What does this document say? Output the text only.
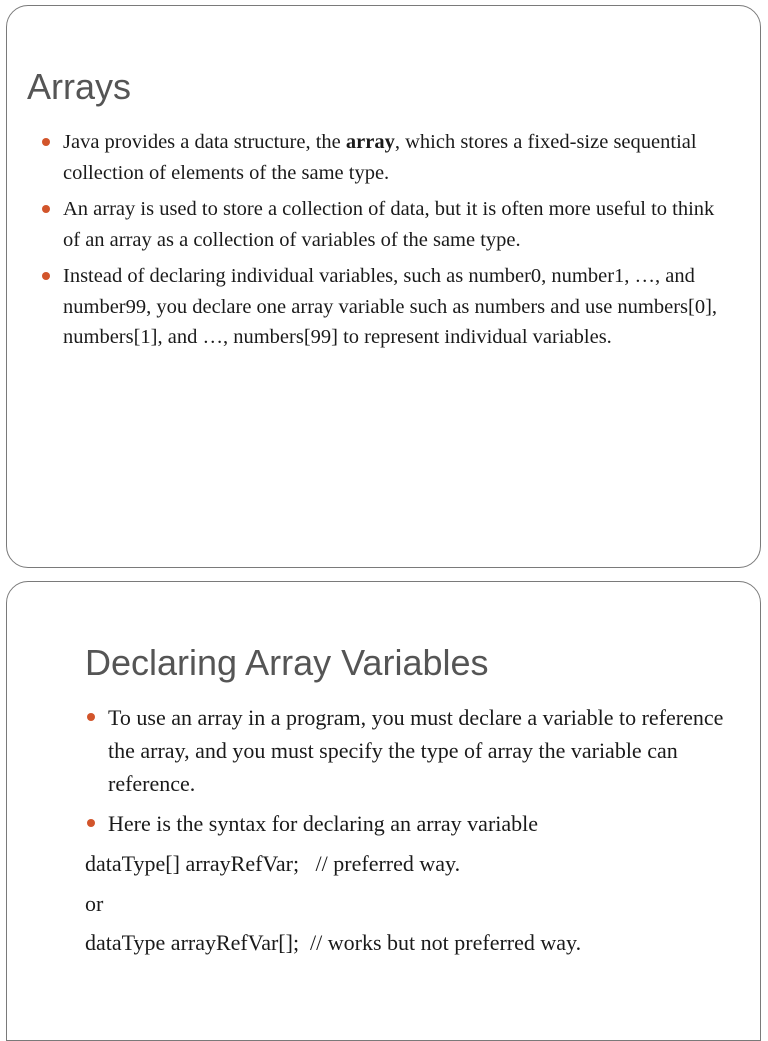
Arrays
Java provides a data structure, the array, which stores a fixed-size sequential collection of elements of the same type.
An array is used to store a collection of data, but it is often more useful to think of an array as a collection of variables of the same type.
Instead of declaring individual variables, such as number0, number1, …, and number99, you declare one array variable such as numbers and use numbers[0], numbers[1], and …, numbers[99] to represent individual variables.
Declaring Array Variables
To use an array in a program, you must declare a variable to reference the array, and you must specify the type of array the variable can reference.
Here is the syntax for declaring an array variable

dataType[] arrayRefVar;   // preferred way.

or

dataType arrayRefVar[];  // works but not preferred way.
